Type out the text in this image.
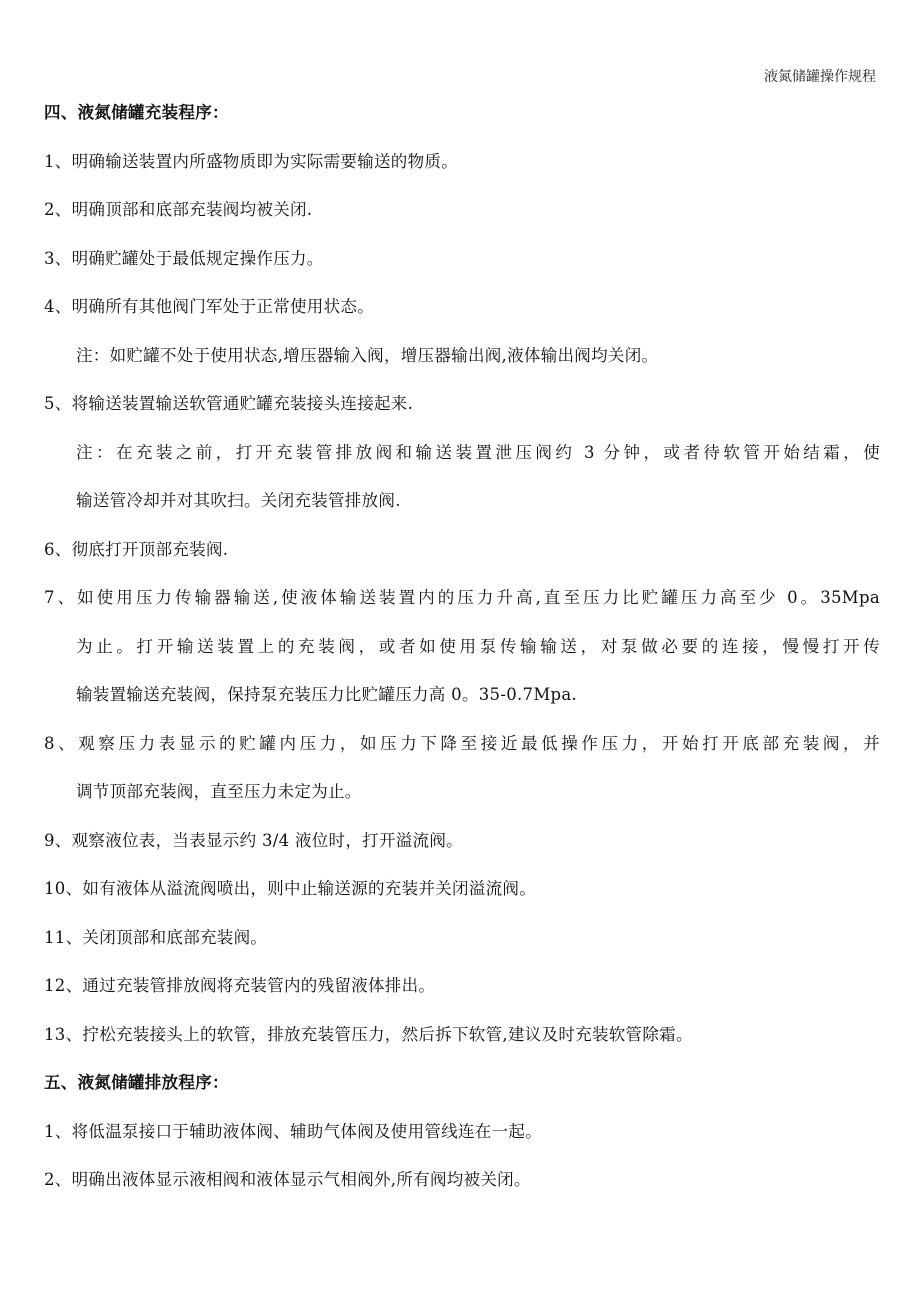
液氮储罐操作规程
四、液氮储罐充装程序：
1、明确输送装置内所盛物质即为实际需要输送的物质。
2、明确顶部和底部充装阀均被关闭.
3、明确贮罐处于最低规定操作压力。
4、明确所有其他阀门军处于正常使用状态。
注：如贮罐不处于使用状态,增压器输入阀，增压器输出阀,液体输出阀均关闭。
5、将输送装置输送软管通贮罐充装接头连接起来.
注：在充装之前，打开充装管排放阀和输送装置泄压阀约 3 分钟，或者待软管开始结霜，使
输送管冷却并对其吹扫。关闭充装管排放阀.
6、彻底打开顶部充装阀.
7、如使用压力传输器输送,使液体输送装置内的压力升高,直至压力比贮罐压力高至少 0。35Mpa
为止。打开输送装置上的充装阀，或者如使用泵传输输送，对泵做必要的连接，慢慢打开传
输装置输送充装阀，保持泵充装压力比贮罐压力高 0。35-0.7Mpa.
8、观察压力表显示的贮罐内压力，如压力下降至接近最低操作压力，开始打开底部充装阀，并
调节顶部充装阀，直至压力未定为止。
9、观察液位表，当表显示约 3/4 液位时，打开溢流阀。
10、如有液体从溢流阀喷出，则中止输送源的充装并关闭溢流阀。
11、关闭顶部和底部充装阀。
12、通过充装管排放阀将充装管内的残留液体排出。
13、拧松充装接头上的软管，排放充装管压力，然后拆下软管,建议及时充装软管除霜。
五、液氮储罐排放程序：
1、将低温泵接口于辅助液体阀、辅助气体阀及使用管线连在一起。
2、明确出液体显示液相阀和液体显示气相阀外,所有阀均被关闭。
